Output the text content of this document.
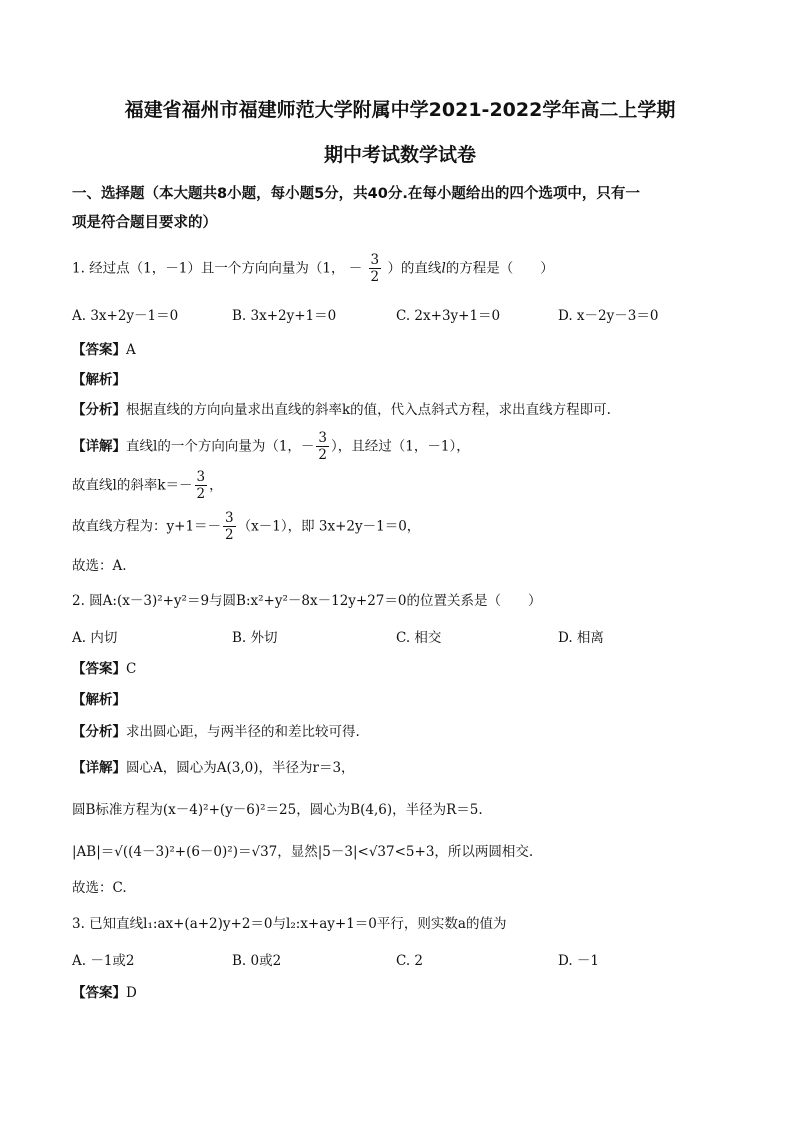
福建省福州市福建师范大学附属中学2021-2022学年高二上学期
期中考试数学试卷
一、选择题（本大题共8小题，每小题5分，共40分.在每小题给出的四个选项中，只有一
项是符合题目要求的）
1. 经过点（1，－1）且一个方向向量为（1， － $\frac{3}{2}$ ）的直线l的方程是（　　）
A. 3x+2y－1＝0	B. 3x+2y+1＝0	C. 2x+3y+1＝0	D. x－2y－3＝0
【答案】A
【解析】
【分析】根据直线的方向向量求出直线的斜率k的值，代入点斜式方程，求出直线方程即可.
【详解】直线l的一个方向向量为（1，－ $\frac{3}{2}$ ），且经过（1，－1），
故直线l的斜率$k=- \frac{3}{2}$ ，
故直线方程为：$y+1=- \frac{3}{2} (x-1)$，即 3x+2y－1＝0，
故选：A.
2. 圆A:(x－3)²+y²＝9与圆B:x²+y²－8x－12y+27＝0的位置关系是（　　）
A. 内切	B. 外切	C. 相交	D. 相离
【答案】C
【解析】
【分析】求出圆心距，与两半径的和差比较可得.
【详解】圆心A，圆心为A(3,0)，半径为r＝3，
圆B标准方程为(x－4)²+(y－6)²＝25，圆心为B(4,6)，半径为R＝5.
|AB|＝√((4－3)²+(6－0)²)＝√37，显然|5－3|<√37<5+3，所以两圆相交.
故选：C.
3. 已知直线l₁:ax+(a+2)y+2＝0与l₂:x+ay+1＝0平行，则实数a的值为
A. －1或2	B. 0或2	C. 2	D. －1
【答案】D
